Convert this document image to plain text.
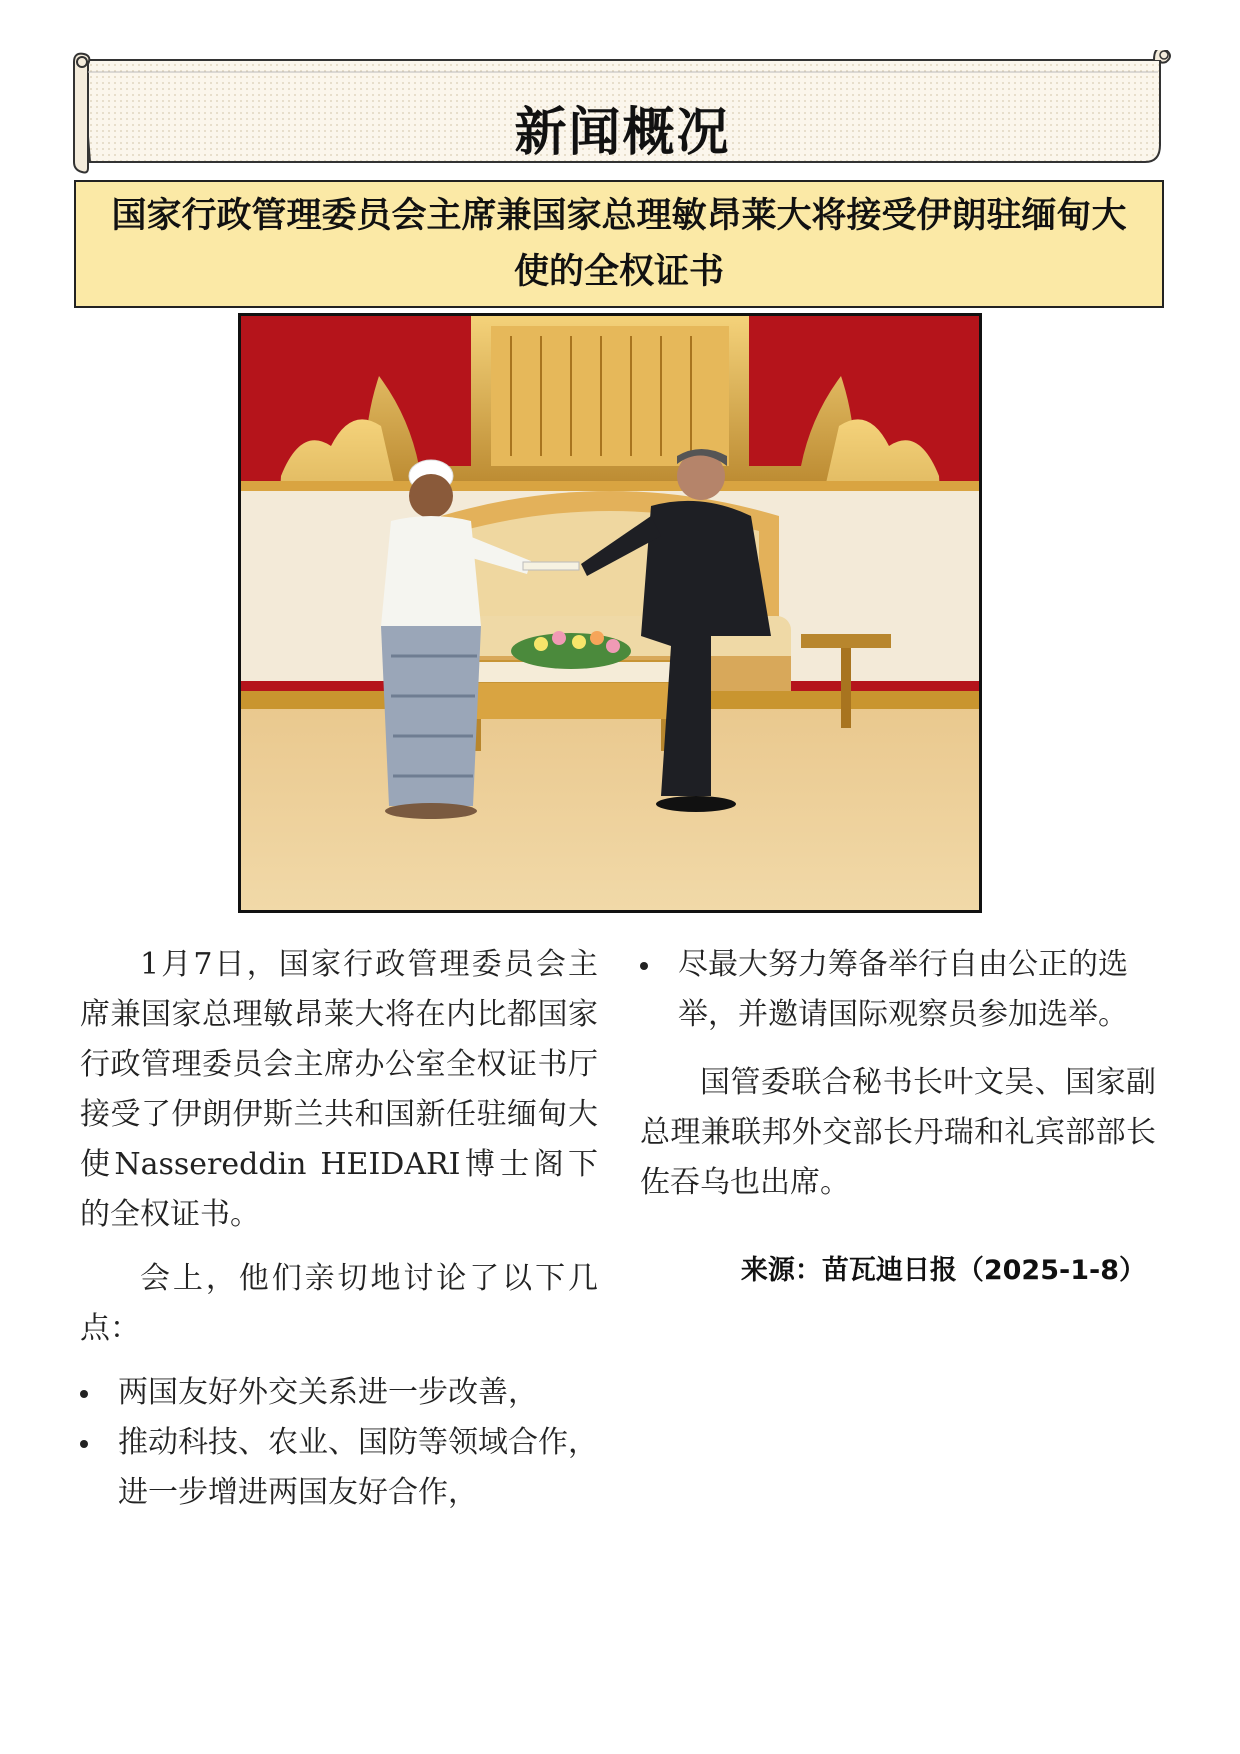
新闻概况
国家行政管理委员会主席兼国家总理敏昂莱大将接受伊朗驻缅甸大使的全权证书

1月7日，国家行政管理委员会主席兼国家总理敏昂莱大将在内比都国家行政管理委员会主席办公室全权证书厅接受了伊朗伊斯兰共和国新任驻缅甸大使Nassereddin HEIDARI博士阁下的全权证书。

会上，他们亲切地讨论了以下几点：

两国友好外交关系进一步改善，
推动科技、农业、国防等领域合作，进一步增进两国友好合作，
尽最大努力筹备举行自由公正的选举，并邀请国际观察员参加选举。

国管委联合秘书长叶文吴、国家副总理兼联邦外交部长丹瑞和礼宾部部长佐吞乌也出席。

来源：苗瓦迪日报（2025-1-8）
